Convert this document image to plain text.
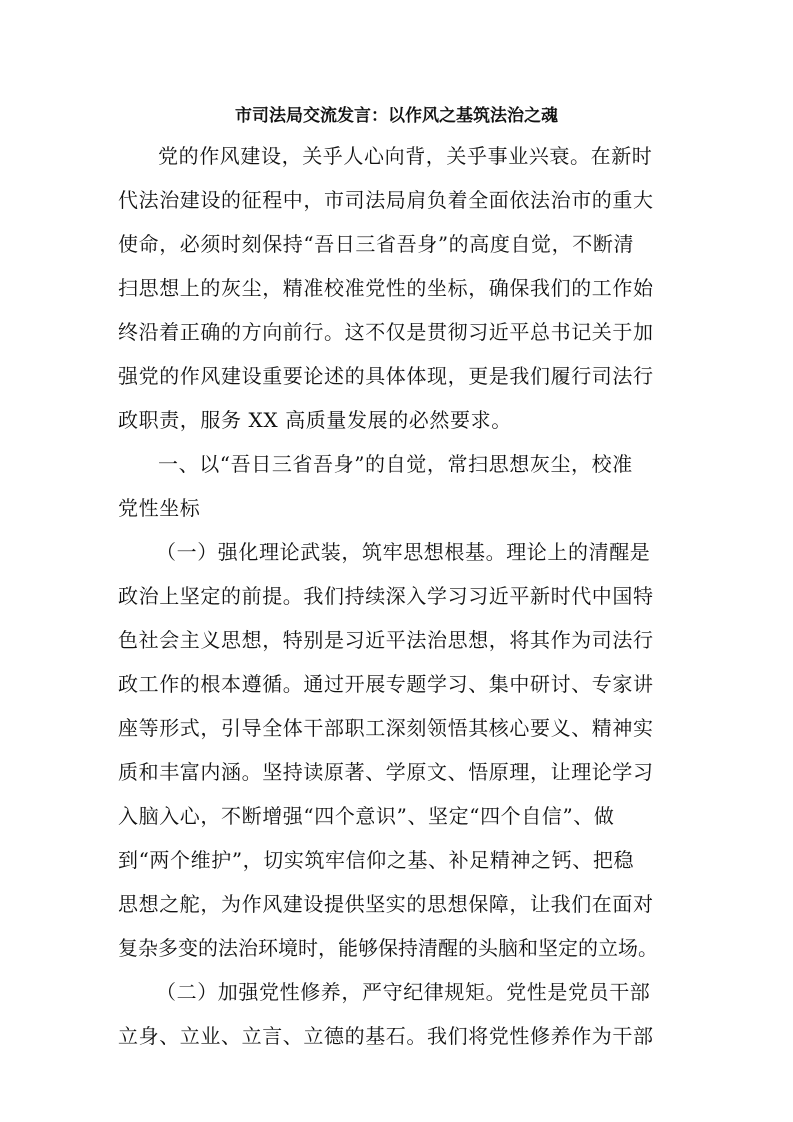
市司法局交流发言：以作风之基筑法治之魂

党的作风建设，关乎人心向背，关乎事业兴衰。在新时

代法治建设的征程中，市司法局肩负着全面依法治市的重大

使命，必须时刻保持“吾日三省吾身”的高度自觉，不断清

扫思想上的灰尘，精准校准党性的坐标，确保我们的工作始

终沿着正确的方向前行。这不仅是贯彻习近平总书记关于加

强党的作风建设重要论述的具体体现，更是我们履行司法行

政职责，服务 XX 高质量发展的必然要求。

一、以“吾日三省吾身”的自觉，常扫思想灰尘，校准

党性坐标

（一）强化理论武装，筑牢思想根基。理论上的清醒是

政治上坚定的前提。我们持续深入学习习近平新时代中国特

色社会主义思想，特别是习近平法治思想，将其作为司法行

政工作的根本遵循。通过开展专题学习、集中研讨、专家讲

座等形式，引导全体干部职工深刻领悟其核心要义、精神实

质和丰富内涵。坚持读原著、学原文、悟原理，让理论学习

入脑入心，不断增强“四个意识”、坚定“四个自信”、做

到“两个维护”，切实筑牢信仰之基、补足精神之钙、把稳

思想之舵，为作风建设提供坚实的思想保障，让我们在面对

复杂多变的法治环境时，能够保持清醒的头脑和坚定的立场。

（二）加强党性修养，严守纪律规矩。党性是党员干部

立身、立业、立言、立德的基石。我们将党性修养作为干部
